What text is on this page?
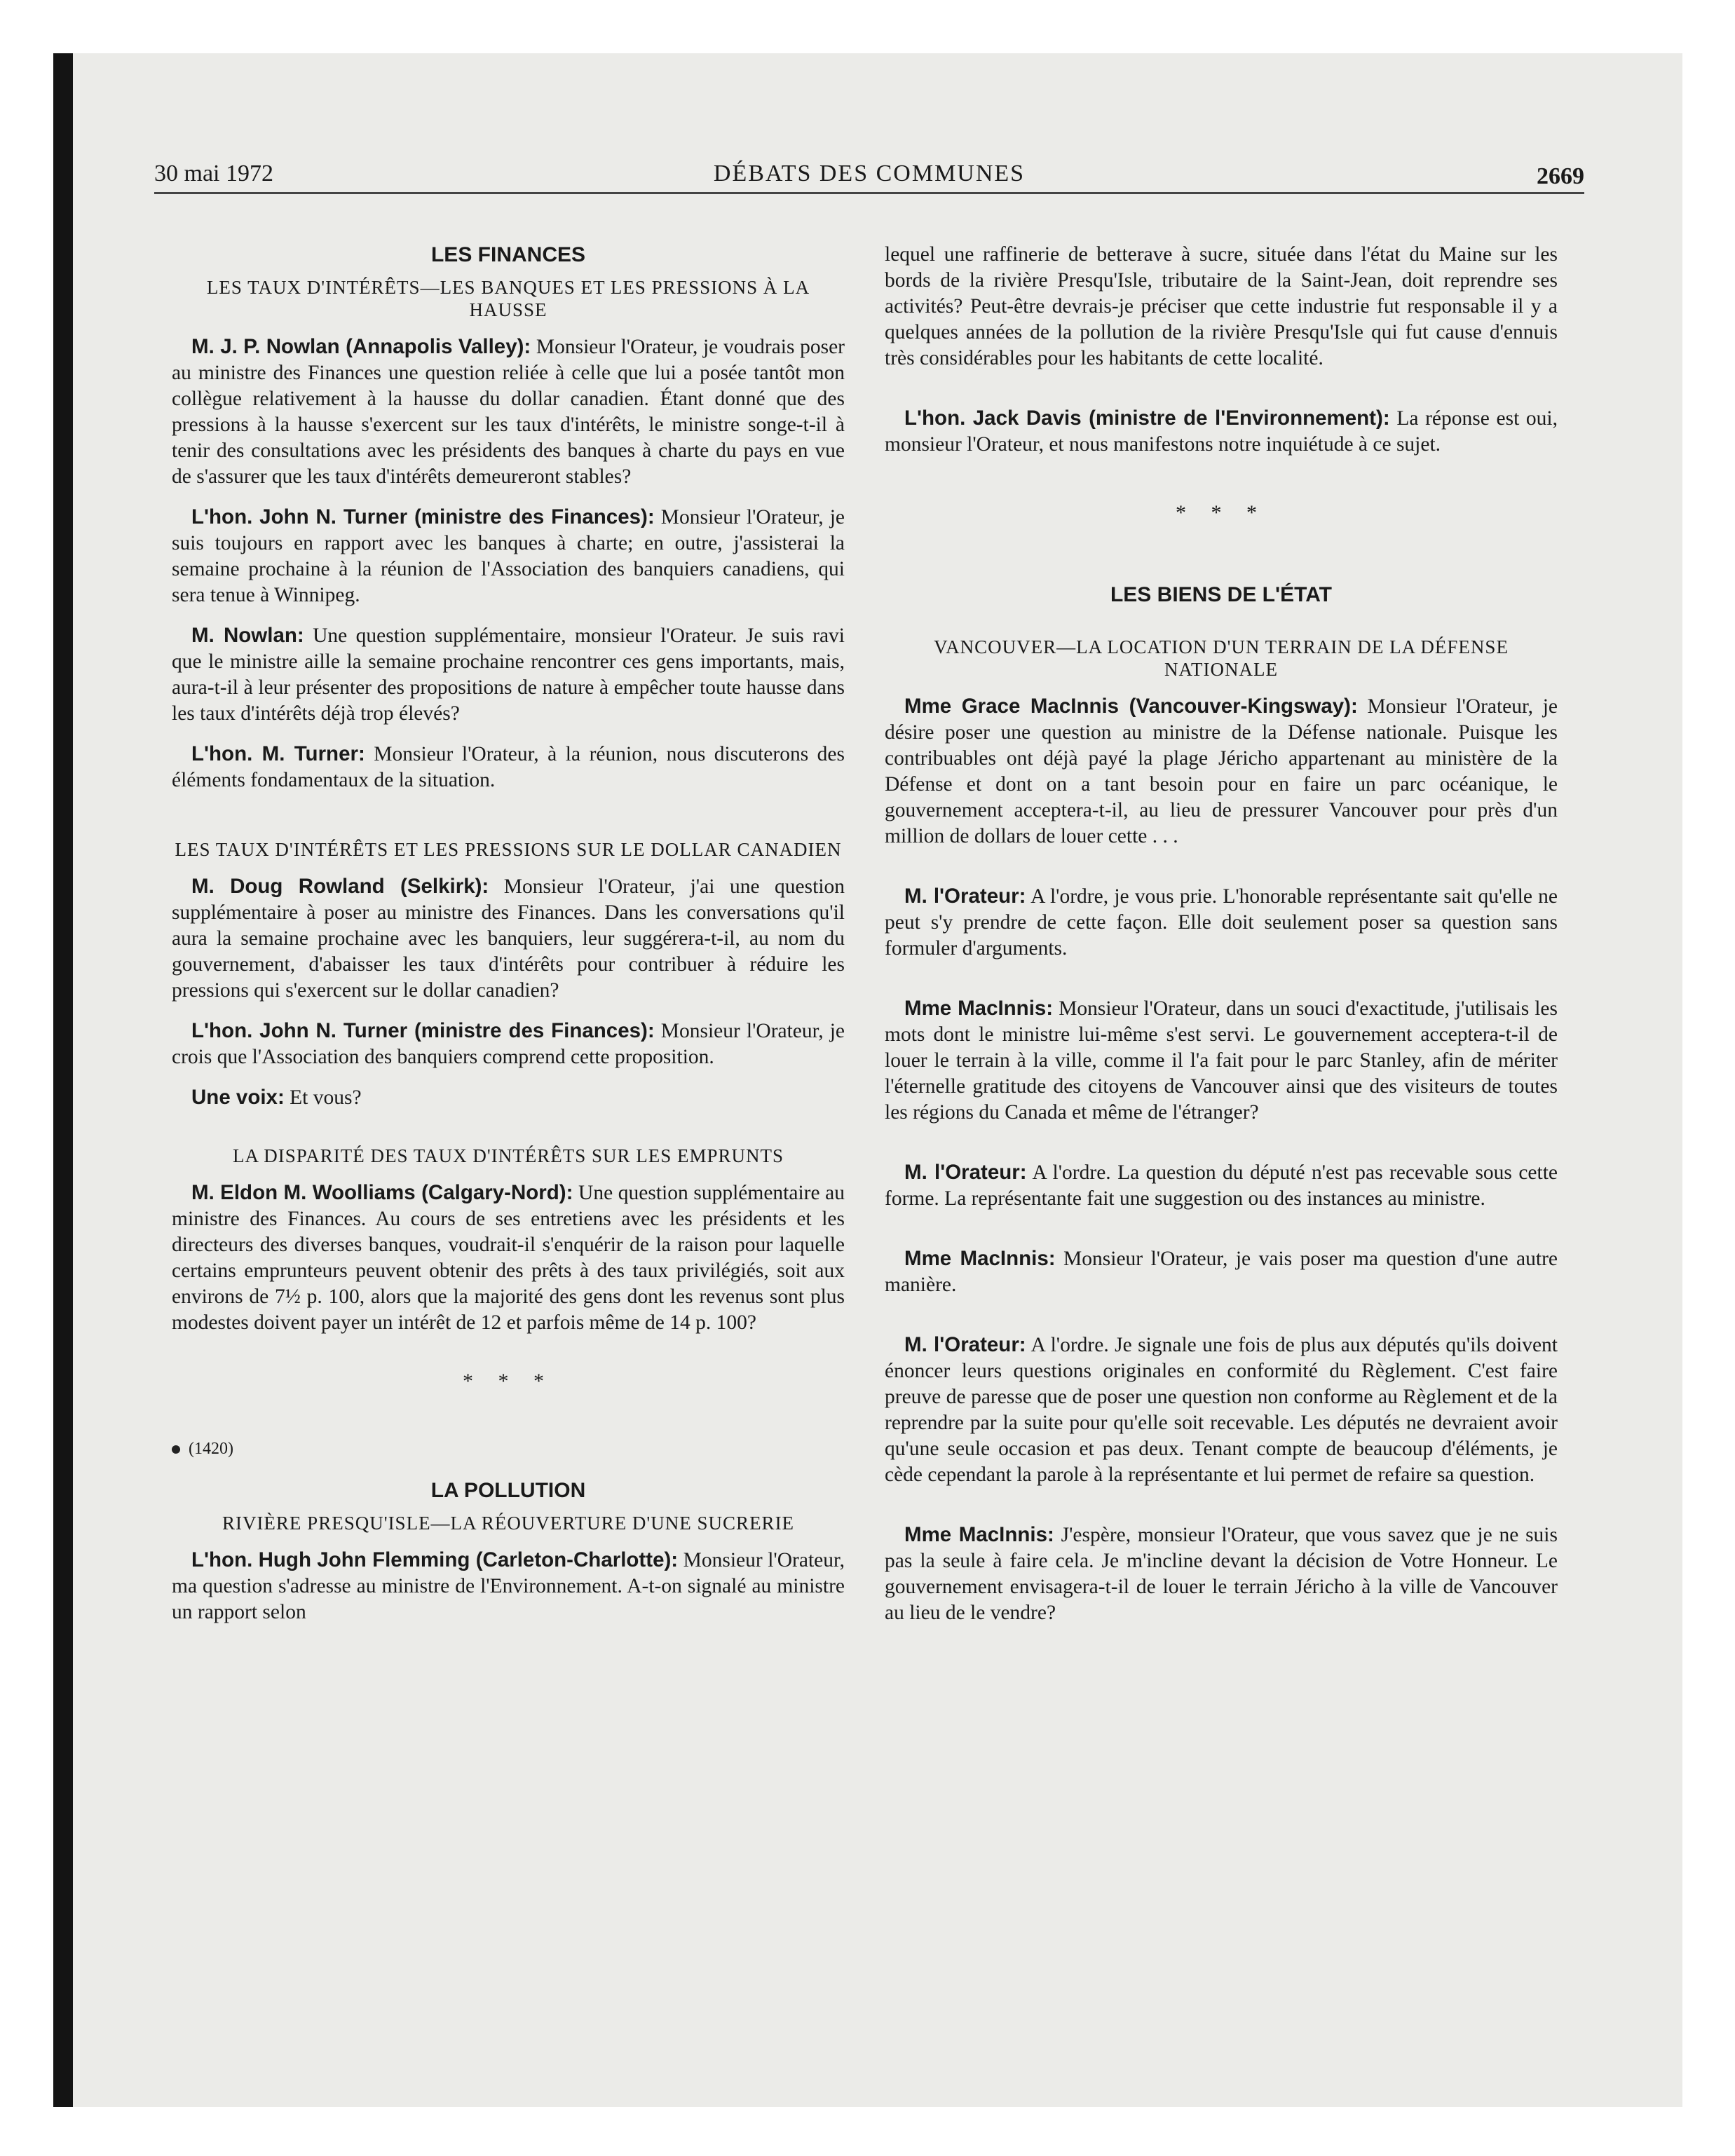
30 mai 1972	DÉBATS DES COMMUNES	2669
LES FINANCES
LES TAUX D'INTÉRÊTS—LES BANQUES ET LES PRESSIONS À LA HAUSSE

M. J. P. Nowlan (Annapolis Valley): Monsieur l'Orateur, je voudrais poser au ministre des Finances une question reliée à celle que lui a posée tantôt mon collègue relativement à la hausse du dollar canadien. Étant donné que des pressions à la hausse s'exercent sur les taux d'intérêts, le ministre songe-t-il à tenir des consultations avec les présidents des banques à charte du pays en vue de s'assurer que les taux d'intérêts demeureront stables?

L'hon. John N. Turner (ministre des Finances): Monsieur l'Orateur, je suis toujours en rapport avec les banques à charte; en outre, j'assisterai la semaine prochaine à la réunion de l'Association des banquiers canadiens, qui sera tenue à Winnipeg.

M. Nowlan: Une question supplémentaire, monsieur l'Orateur. Je suis ravi que le ministre aille la semaine prochaine rencontrer ces gens importants, mais, aura-t-il à leur présenter des propositions de nature à empêcher toute hausse dans les taux d'intérêts déjà trop élevés?

L'hon. M. Turner: Monsieur l'Orateur, à la réunion, nous discuterons des éléments fondamentaux de la situation.

LES TAUX D'INTÉRÊTS ET LES PRESSIONS SUR LE DOLLAR CANADIEN

M. Doug Rowland (Selkirk): Monsieur l'Orateur, j'ai une question supplémentaire à poser au ministre des Finances. Dans les conversations qu'il aura la semaine prochaine avec les banquiers, leur suggérera-t-il, au nom du gouvernement, d'abaisser les taux d'intérêts pour contribuer à réduire les pressions qui s'exercent sur le dollar canadien?

L'hon. John N. Turner (ministre des Finances): Monsieur l'Orateur, je crois que l'Association des banquiers comprend cette proposition.

Une voix: Et vous?

LA DISPARITÉ DES TAUX D'INTÉRÊTS SUR LES EMPRUNTS

M. Eldon M. Woolliams (Calgary-Nord): Une question supplémentaire au ministre des Finances. Au cours de ses entretiens avec les présidents et les directeurs des diverses banques, voudrait-il s'enquérir de la raison pour laquelle certains emprunteurs peuvent obtenir des prêts à des taux privilégiés, soit aux environs de 7½ p. 100, alors que la majorité des gens dont les revenus sont plus modestes doivent payer un intérêt de 12 et parfois même de 14 p. 100?

* * *
(1420)
LA POLLUTION
RIVIÈRE PRESQU'ISLE—LA RÉOUVERTURE D'UNE SUCRERIE

L'hon. Hugh John Flemming (Carleton-Charlotte): Monsieur l'Orateur, ma question s'adresse au ministre de l'Environnement. A-t-on signalé au ministre un rapport selon

lequel une raffinerie de betterave à sucre, située dans l'état du Maine sur les bords de la rivière Presqu'Isle, tributaire de la Saint-Jean, doit reprendre ses activités? Peut-être devrais-je préciser que cette industrie fut responsable il y a quelques années de la pollution de la rivière Presqu'Isle qui fut cause d'ennuis très considérables pour les habitants de cette localité.

L'hon. Jack Davis (ministre de l'Environnement): La réponse est oui, monsieur l'Orateur, et nous manifestons notre inquiétude à ce sujet.

* * *
LES BIENS DE L'ÉTAT
VANCOUVER—LA LOCATION D'UN TERRAIN DE LA DÉFENSE NATIONALE

Mme Grace MacInnis (Vancouver-Kingsway): Monsieur l'Orateur, je désire poser une question au ministre de la Défense nationale. Puisque les contribuables ont déjà payé la plage Jéricho appartenant au ministère de la Défense et dont on a tant besoin pour en faire un parc océanique, le gouvernement acceptera-t-il, au lieu de pressurer Vancouver pour près d'un million de dollars de louer cette . . .

M. l'Orateur: A l'ordre, je vous prie. L'honorable représentante sait qu'elle ne peut s'y prendre de cette façon. Elle doit seulement poser sa question sans formuler d'arguments.

Mme MacInnis: Monsieur l'Orateur, dans un souci d'exactitude, j'utilisais les mots dont le ministre lui-même s'est servi. Le gouvernement acceptera-t-il de louer le terrain à la ville, comme il l'a fait pour le parc Stanley, afin de mériter l'éternelle gratitude des citoyens de Vancouver ainsi que des visiteurs de toutes les régions du Canada et même de l'étranger?

M. l'Orateur: A l'ordre. La question du député n'est pas recevable sous cette forme. La représentante fait une suggestion ou des instances au ministre.

Mme MacInnis: Monsieur l'Orateur, je vais poser ma question d'une autre manière.

M. l'Orateur: A l'ordre. Je signale une fois de plus aux députés qu'ils doivent énoncer leurs questions originales en conformité du Règlement. C'est faire preuve de paresse que de poser une question non conforme au Règlement et de la reprendre par la suite pour qu'elle soit recevable. Les députés ne devraient avoir qu'une seule occasion et pas deux. Tenant compte de beaucoup d'éléments, je cède cependant la parole à la représentante et lui permet de refaire sa question.

Mme MacInnis: J'espère, monsieur l'Orateur, que vous savez que je ne suis pas la seule à faire cela. Je m'incline devant la décision de Votre Honneur. Le gouvernement envisagera-t-il de louer le terrain Jéricho à la ville de Vancouver au lieu de le vendre?
